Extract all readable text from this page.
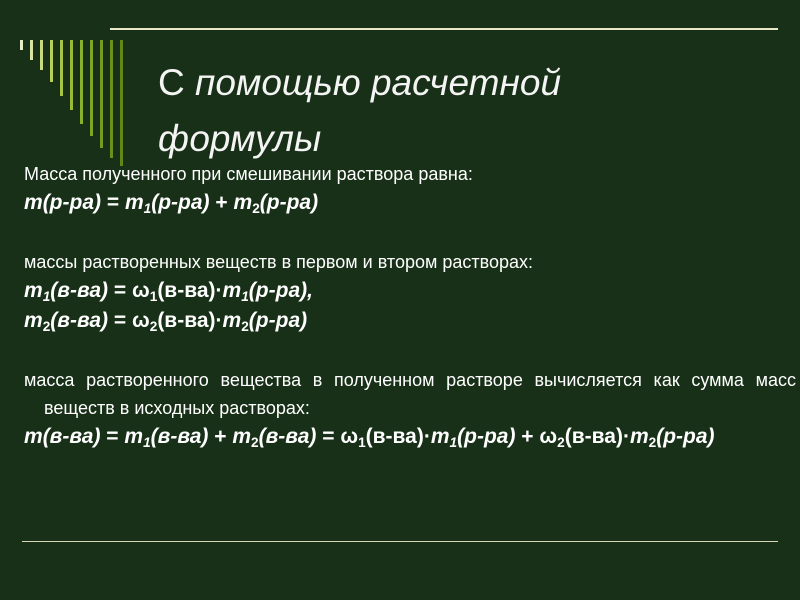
С помощью расчетной
формулы

Масса полученного при смешивании раствора равна:

$m(р-ра) = m_1(р-ра) + m_2(р-ра)$

массы растворенных веществ в первом и втором растворах:

$m_1(в-ва) = \omega_1(в-ва)\cdot m_1(р-ра)$,

$m_2(в-ва) = \omega_2(в-ва)\cdot m_2(р-ра)$

масса растворенного вещества в полученном растворе вычисляется как сумма масс веществ в исходных растворах:

$m(в-ва) = m_1(в-ва) + m_2(в-ва) = \omega_1(в-ва)\cdot m_1(р-ра) + \omega_2(в-ва)\cdot m_2(р-ра)$
